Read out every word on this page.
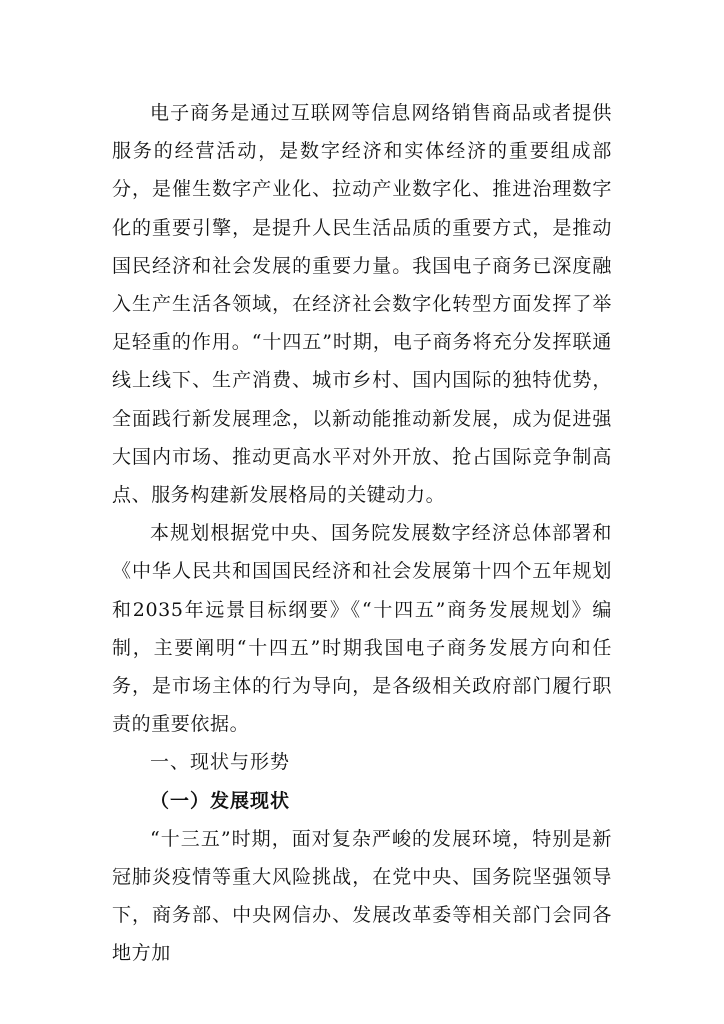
电子商务是通过互联网等信息网络销售商品或者提供服务的经营活动，是数字经济和实体经济的重要组成部分，是催生数字产业化、拉动产业数字化、推进治理数字化的重要引擎，是提升人民生活品质的重要方式，是推动国民经济和社会发展的重要力量。我国电子商务已深度融入生产生活各领域，在经济社会数字化转型方面发挥了举足轻重的作用。“十四五”时期，电子商务将充分发挥联通线上线下、生产消费、城市乡村、国内国际的独特优势，全面践行新发展理念，以新动能推动新发展，成为促进强大国内市场、推动更高水平对外开放、抢占国际竞争制高点、服务构建新发展格局的关键动力。

本规划根据党中央、国务院发展数字经济总体部署和《中华人民共和国国民经济和社会发展第十四个五年规划和2035年远景目标纲要》《“十四五”商务发展规划》编制，主要阐明“十四五”时期我国电子商务发展方向和任务，是市场主体的行为导向，是各级相关政府部门履行职责的重要依据。

一、现状与形势

（一）发展现状

“十三五”时期，面对复杂严峻的发展环境，特别是新冠肺炎疫情等重大风险挑战，在党中央、国务院坚强领导下，商务部、中央网信办、发展改革委等相关部门会同各地方加
